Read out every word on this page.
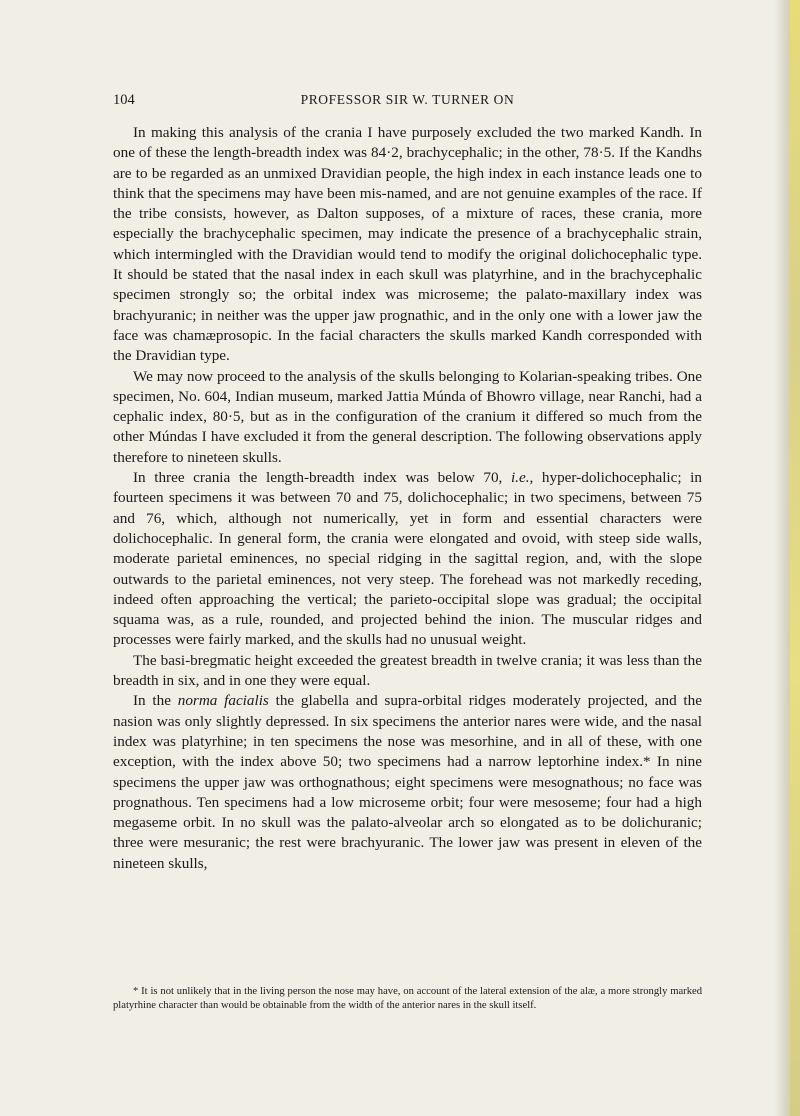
104	PROFESSOR SIR W. TURNER ON

In making this analysis of the crania I have purposely excluded the two marked Kandh. In one of these the length-breadth index was 84·2, brachycephalic; in the other, 78·5. If the Kandhs are to be regarded as an unmixed Dravidian people, the high index in each instance leads one to think that the specimens may have been mis-named, and are not genuine examples of the race. If the tribe consists, however, as Dalton supposes, of a mixture of races, these crania, more especially the brachycephalic specimen, may indicate the presence of a brachycephalic strain, which intermingled with the Dravidian would tend to modify the original dolichocephalic type. It should be stated that the nasal index in each skull was platyrhine, and in the brachycephalic specimen strongly so; the orbital index was microseme; the palato-maxillary index was brachyuranic; in neither was the upper jaw prognathic, and in the only one with a lower jaw the face was chamæprosopic. In the facial characters the skulls marked Kandh corresponded with the Dravidian type.

We may now proceed to the analysis of the skulls belonging to Kolarian-speaking tribes. One specimen, No. 604, Indian museum, marked Jattia Múnda of Bhowro village, near Ranchi, had a cephalic index, 80·5, but as in the configuration of the cranium it differed so much from the other Múndas I have excluded it from the general description. The following observations apply therefore to nineteen skulls.

In three crania the length-breadth index was below 70, i.e., hyper-dolichocephalic; in fourteen specimens it was between 70 and 75, dolichocephalic; in two specimens, between 75 and 76, which, although not numerically, yet in form and essential characters were dolichocephalic. In general form, the crania were elongated and ovoid, with steep side walls, moderate parietal eminences, no special ridging in the sagittal region, and, with the slope outwards to the parietal eminences, not very steep. The forehead was not markedly receding, indeed often approaching the vertical; the parieto-occipital slope was gradual; the occipital squama was, as a rule, rounded, and projected behind the inion. The muscular ridges and processes were fairly marked, and the skulls had no unusual weight.

The basi-bregmatic height exceeded the greatest breadth in twelve crania; it was less than the breadth in six, and in one they were equal.

In the norma facialis the glabella and supra-orbital ridges moderately projected, and the nasion was only slightly depressed. In six specimens the anterior nares were wide, and the nasal index was platyrhine; in ten specimens the nose was mesorhine, and in all of these, with one exception, with the index above 50; two specimens had a narrow leptorhine index.* In nine specimens the upper jaw was orthognathous; eight specimens were mesognathous; no face was prognathous. Ten specimens had a low microseme orbit; four were mesoseme; four had a high megaseme orbit. In no skull was the palato-alveolar arch so elongated as to be dolichuranic; three were mesuranic; the rest were brachyuranic. The lower jaw was present in eleven of the nineteen skulls,

* It is not unlikely that in the living person the nose may have, on account of the lateral extension of the alæ, a more strongly marked platyrhine character than would be obtainable from the width of the anterior nares in the skull itself.
